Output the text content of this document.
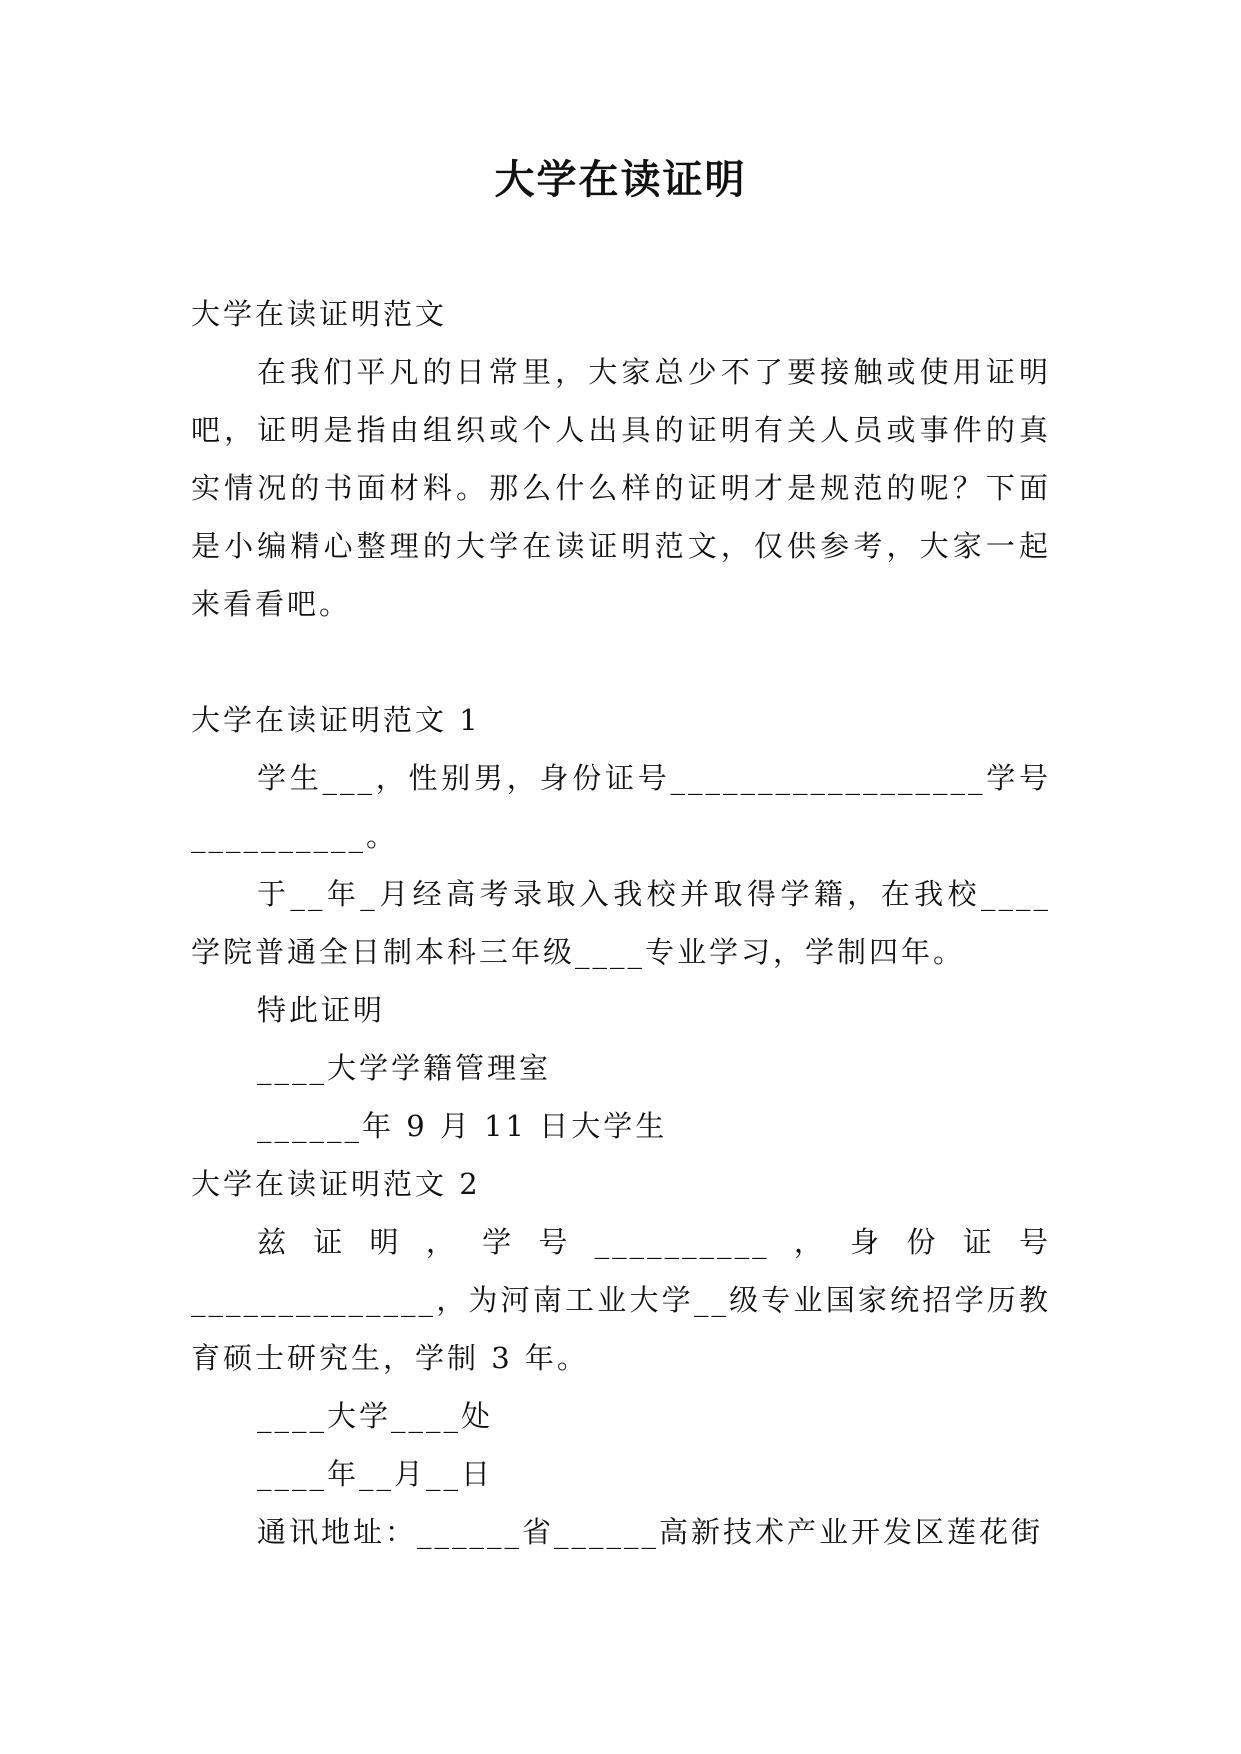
大学在读证明

大学在读证明范文

在我们平凡的日常里，大家总少不了要接触或使用证明吧，证明是指由组织或个人出具的证明有关人员或事件的真实情况的书面材料。那么什么样的证明才是规范的呢？下面是小编精心整理的大学在读证明范文，仅供参考，大家一起来看看吧。

大学在读证明范文 1

学生___，性别男，身份证号__________________学号__________。

于__年_月经高考录取入我校并取得学籍，在我校____学院普通全日制本科三年级____专业学习，学制四年。

特此证明

____大学学籍管理室

______年 9 月 11 日大学生

大学在读证明范文 2

兹证明，学号__________，身份证号______________，为河南工业大学__级专业国家统招学历教育硕士研究生，学制 3 年。

____大学____处

____年__月__日

通讯地址：______省______高新技术产业开发区莲花街
